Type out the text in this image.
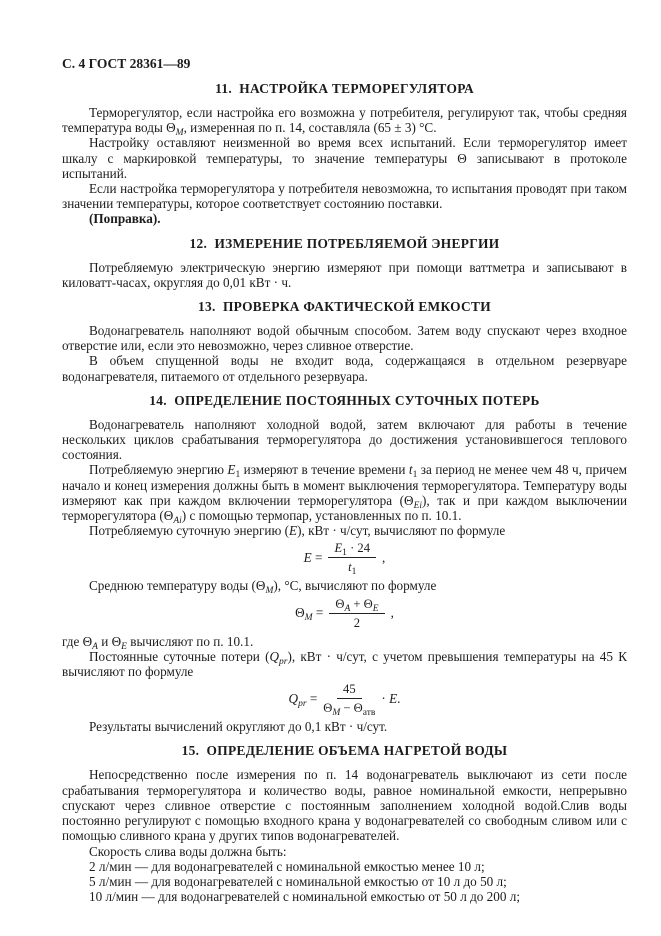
С. 4 ГОСТ 28361—89
11.  НАСТРОЙКА ТЕРМОРЕГУЛЯТОРА

Терморегулятор, если настройка его возможна у потребителя, регулируют так, чтобы средняя температура воды $\Theta_М$, измеренная по п. 14, составляла (65 ± 3) °С.

Настройку оставляют неизменной во время всех испытаний. Если терморегулятор имеет шкалу с маркировкой температуры, то значение температуры Θ записывают в протоколе испытаний.

Если настройка терморегулятора у потребителя невозможна, то испытания проводят при таком значении температуры, которое соответствует состоянию поставки.

(Поправка).

12.  ИЗМЕРЕНИЕ ПОТРЕБЛЯЕМОЙ ЭНЕРГИИ

Потребляемую электрическую энергию измеряют при помощи ваттметра и записывают в киловатт-часах, округляя до 0,01 кВт · ч.

13.  ПРОВЕРКА ФАКТИЧЕСКОЙ ЕМКОСТИ

Водонагреватель наполняют водой обычным способом. Затем воду спускают через входное отверстие или, если это невозможно, через сливное отверстие.

В объем спущенной воды не входит вода, содержащаяся в отдельном резервуаре водонагревателя, питаемого от отдельного резервуара.

14.  ОПРЕДЕЛЕНИЕ ПОСТОЯННЫХ СУТОЧНЫХ ПОТЕРЬ

Водонагреватель наполняют холодной водой, затем включают для работы в течение нескольких циклов срабатывания терморегулятора до достижения установившегося теплового состояния.

Потребляемую энергию $E_1$ измеряют в течение времени $t_1$ за период не менее чем 48 ч, причем начало и конец измерения должны быть в момент выключения терморегулятора. Температуру воды измеряют как при каждом включении терморегулятора $(\Theta_{Еi})$, так и при каждом выключении терморегулятора $(\Theta_{Аi})$ с помощью термопар, установленных по п. 10.1.

Потребляемую суточную энергию (Е), кВт · ч/сут, вычисляют по формуле

$E = \frac{E_1 \cdot 24}{t_1}$ ,

Среднюю температуру воды $(\Theta_М)$, °С, вычисляют по формуле

$\Theta_М = \frac{\Theta_А + \Theta_Е}{2}$ ,

где $\Theta_А$ и $\Theta_Е$ вычисляют по п. 10.1.

Постоянные суточные потери $(Q_{pr})$, кВт · ч/сут, с учетом превышения температуры на 45 К вычисляют по формуле

$Q_{pr} = \frac{45}{\Theta_М - \Theta_{атв}} \cdot E$.

Результаты вычислений округляют до 0,1 кВт · ч/сут.

15.  ОПРЕДЕЛЕНИЕ ОБЪЕМА НАГРЕТОЙ ВОДЫ

Непосредственно после измерения по п. 14 водонагреватель выключают из сети после срабатывания терморегулятора и количество воды, равное номинальной емкости, непрерывно спускают через сливное отверстие с постоянным заполнением холодной водой.Слив воды постоянно регулируют с помощью входного крана у водонагревателей со свободным сливом или с помощью сливного крана у других типов водонагревателей.

Скорость слива воды должна быть:

2 л/мин — для водонагревателей с номинальной емкостью менее 10 л;

5 л/мин — для водонагревателей с номинальной емкостью от 10 л до 50 л;

10 л/мин — для водонагревателей с номинальной емкостью от 50 л до 200 л;
